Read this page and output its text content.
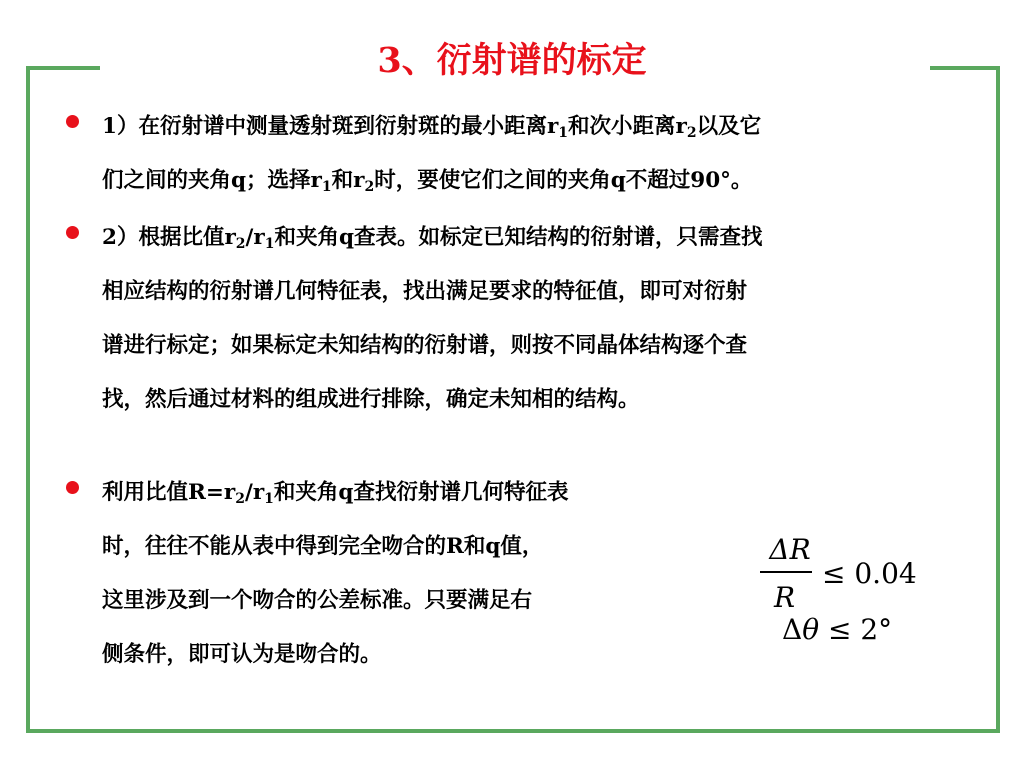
3、衍射谱的标定
1）在衍射谱中测量透射斑到衍射斑的最小距离$r_1$和次小距离$r_2$以及它
们之间的夹角q；选择$r_1$和$r_2$时，要使它们之间的夹角q不超过90°。
2）根据比值$r_2/r_1$和夹角q查表。如标定已知结构的衍射谱，只需查找
相应结构的衍射谱几何特征表，找出满足要求的特征值，即可对衍射
谱进行标定；如果标定未知结构的衍射谱，则按不同晶体结构逐个查
找，然后通过材料的组成进行排除，确定未知相的结构。
利用比值$R=r_2/r_1$和夹角q查找衍射谱几何特征表
时，往往不能从表中得到完全吻合的R和q值，
这里涉及到一个吻合的公差标准。只要满足右
侧条件，即可认为是吻合的。
ΔR
R
≤ 0.04
Δθ ≤ 2°
